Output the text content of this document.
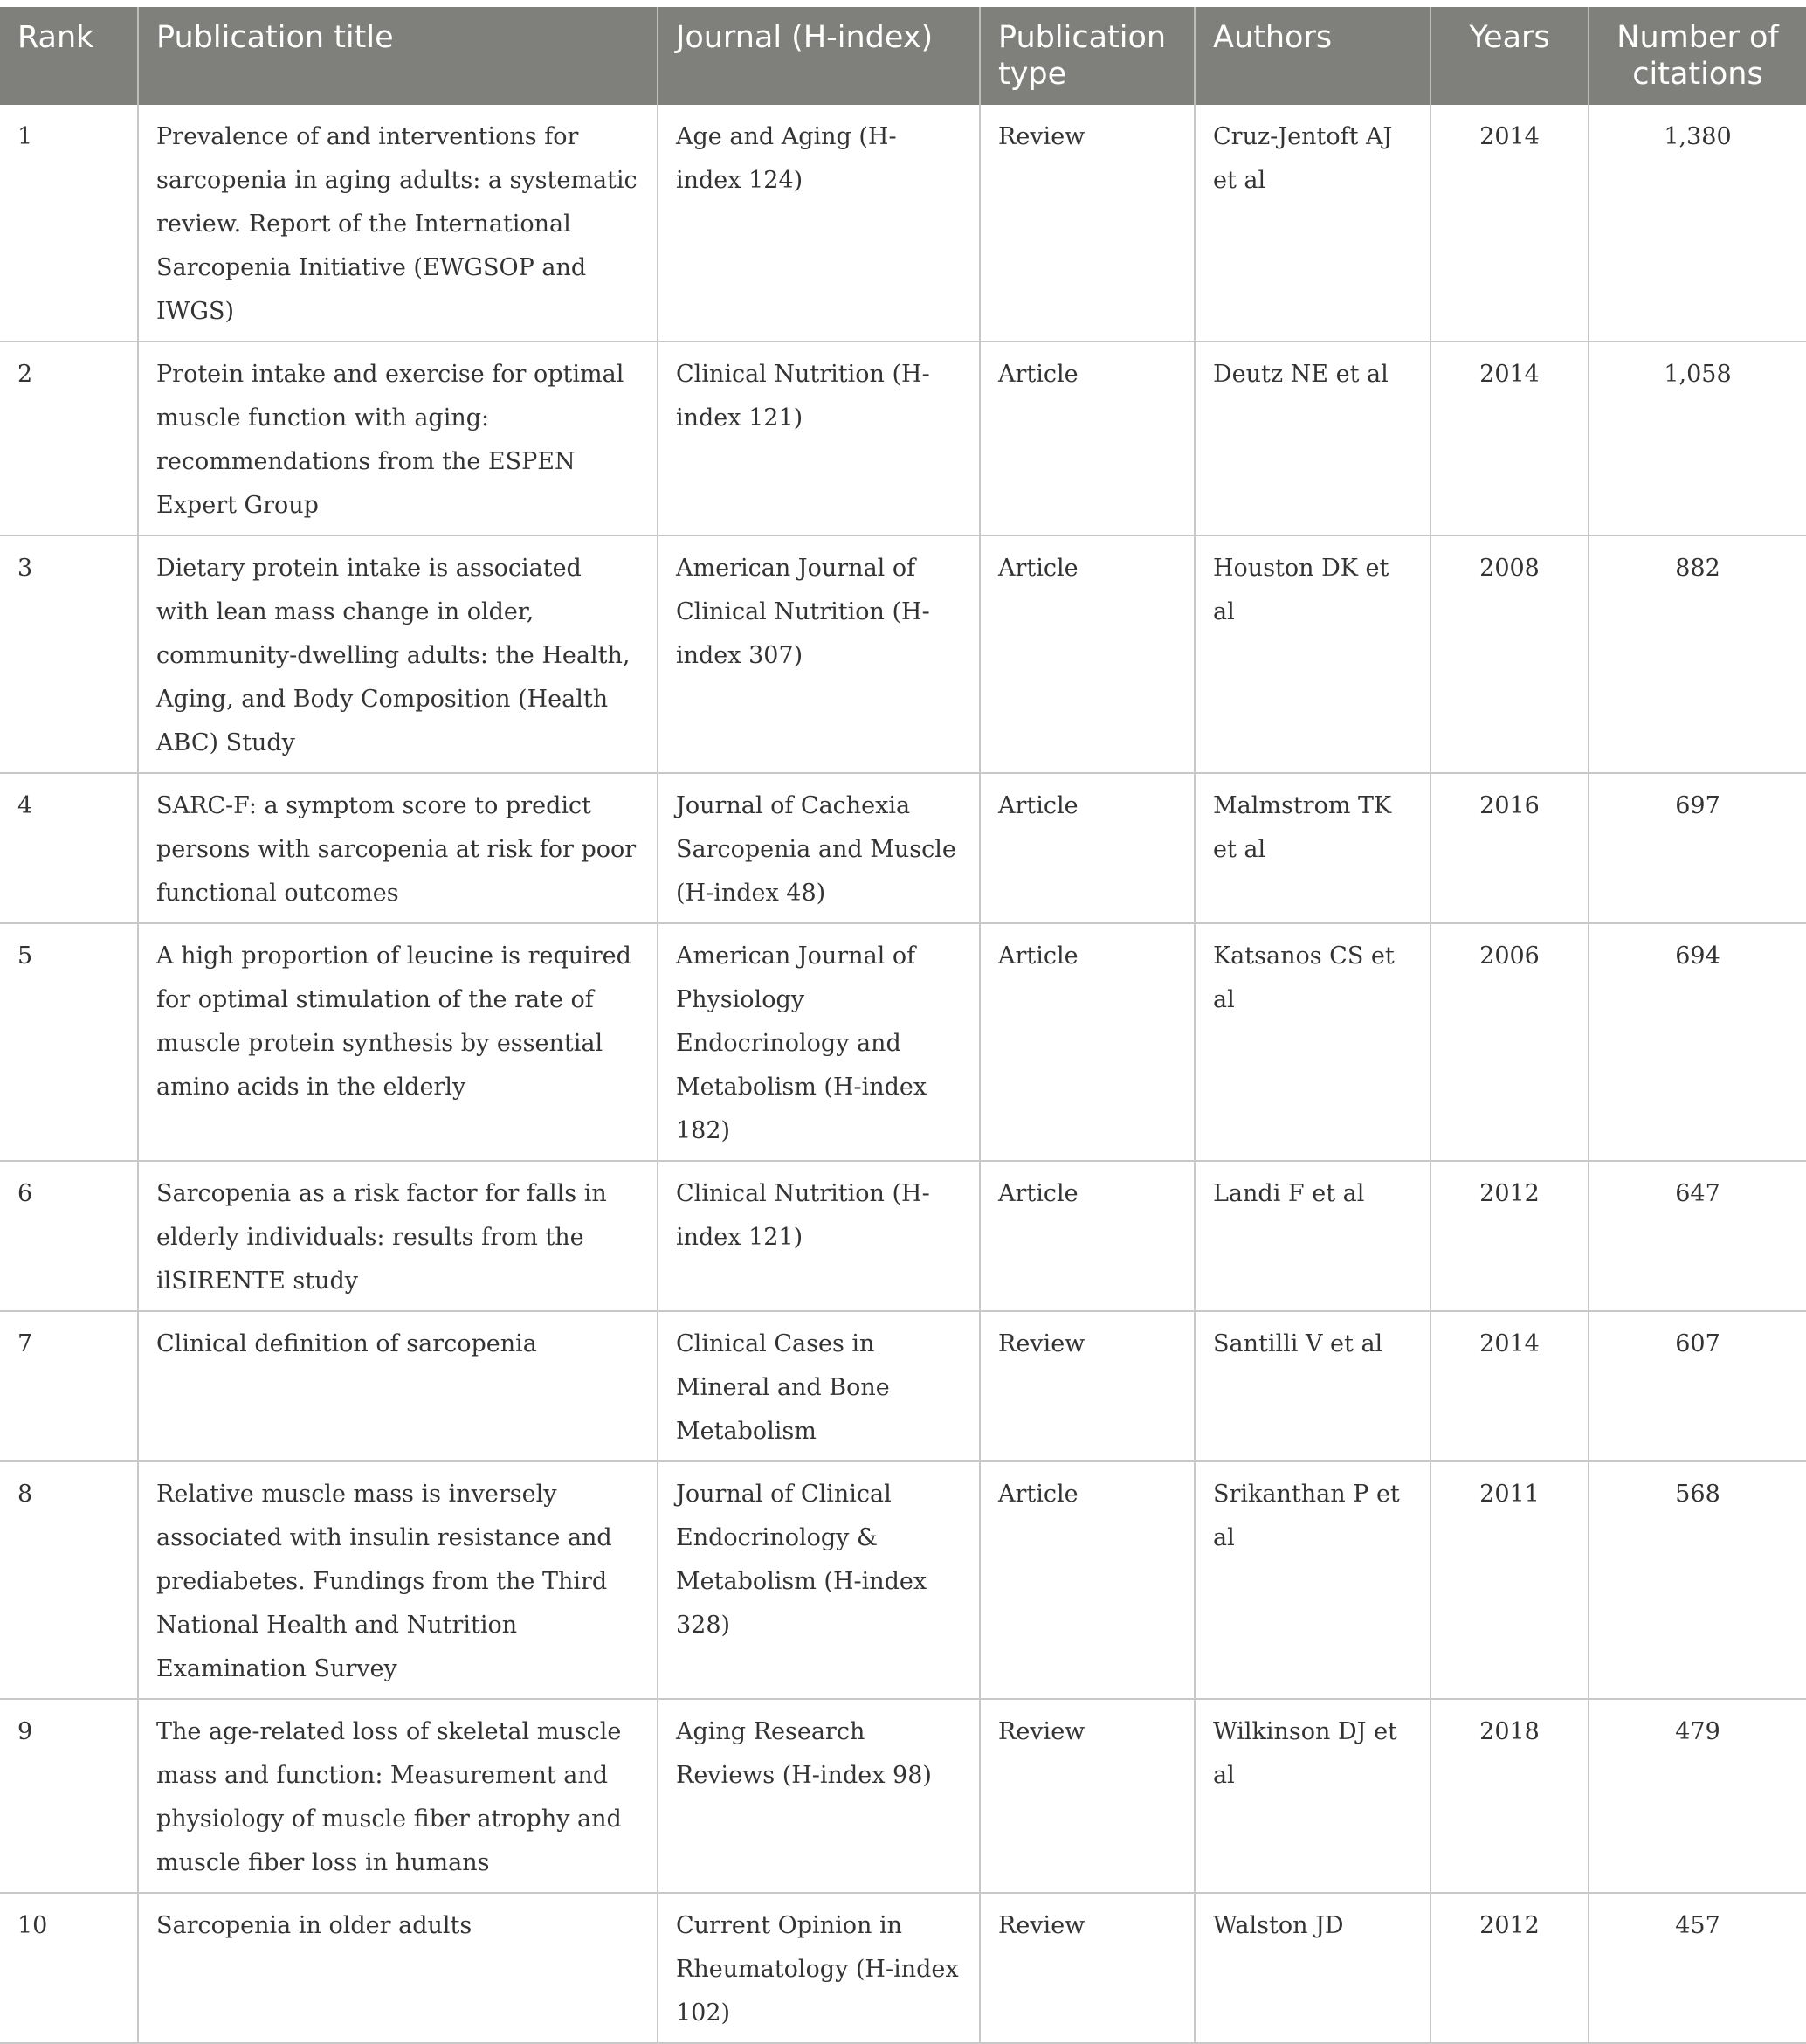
Rank	Publication title	Journal (H-index)	Publication type	Authors	Years	Number of citations
1	Prevalence of and interventions for sarcopenia in aging adults: a systematic review. Report of the International Sarcopenia Initiative (EWGSOP and IWGS)	Age and Aging (H-index 124)	Review	Cruz-Jentoft AJ et al	2014	1,380
2	Protein intake and exercise for optimal muscle function with aging: recommendations from the ESPEN Expert Group	Clinical Nutrition (H-index 121)	Article	Deutz NE et al	2014	1,058
3	Dietary protein intake is associated with lean mass change in older, community-dwelling adults: the Health, Aging, and Body Composition (Health ABC) Study	American Journal of Clinical Nutrition (H-index 307)	Article	Houston DK et al	2008	882
4	SARC-F: a symptom score to predict persons with sarcopenia at risk for poor functional outcomes	Journal of Cachexia Sarcopenia and Muscle (H-index 48)	Article	Malmstrom TK et al	2016	697
5	A high proportion of leucine is required for optimal stimulation of the rate of muscle protein synthesis by essential amino acids in the elderly	American Journal of Physiology Endocrinology and Metabolism (H-index 182)	Article	Katsanos CS et al	2006	694
6	Sarcopenia as a risk factor for falls in elderly individuals: results from the ilSIRENTE study	Clinical Nutrition (H-index 121)	Article	Landi F et al	2012	647
7	Clinical definition of sarcopenia	Clinical Cases in Mineral and Bone Metabolism	Review	Santilli V et al	2014	607
8	Relative muscle mass is inversely associated with insulin resistance and prediabetes. Fundings from the Third National Health and Nutrition Examination Survey	Journal of Clinical Endocrinology & Metabolism (H-index 328)	Article	Srikanthan P et al	2011	568
9	The age-related loss of skeletal muscle mass and function: Measurement and physiology of muscle fiber atrophy and muscle fiber loss in humans	Aging Research Reviews (H-index 98)	Review	Wilkinson DJ et al	2018	479
10	Sarcopenia in older adults	Current Opinion in Rheumatology (H-index 102)	Review	Walston JD	2012	457
